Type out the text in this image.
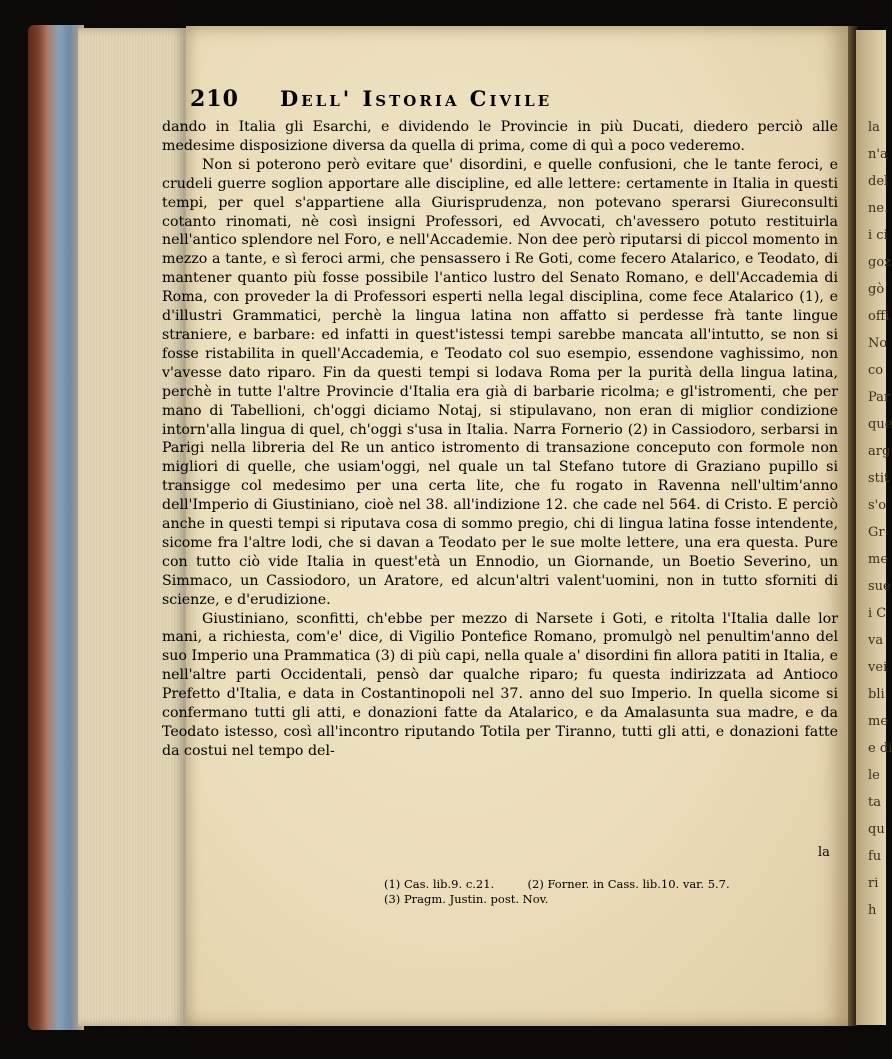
la
n'a
del
ne.
i ci
goz
gò
offi
No
co
Par
que
arg
stit
s'o
Gr
me
sue
i C
va
vei
bli
me
e di
le
ta
qu
fu
ri
h
210 Dell' Istoria Civile

dando in Italia gli Esarchi, e dividendo le Provincie in più Ducati, diedero perciò alle medesime disposizione diversa da quella di prima, come di quì a poco vederemo.

Non si poterono però evitare que' disordini, e quelle confusioni, che le tante feroci, e crudeli guerre soglion apportare alle discipline, ed alle lettere: certamente in Italia in questi tempi, per quel s'appartiene alla Giurisprudenza, non potevano sperarsi Giureconsulti cotanto rinomati, nè così insigni Professori, ed Avvocati, ch'avessero potuto restituirla nell'antico splendore nel Foro, e nell'Accademie. Non dee però riputarsi di piccol momento in mezzo a tante, e sì feroci armi, che pensassero i Re Goti, come fecero Atalarico, e Teodato, di mantener quanto più fosse possibile l'antico lustro del Senato Romano, e dell'Accademia di Roma, con proveder la di Professori esperti nella legal disciplina, come fece Atalarico (1), e d'illustri Grammatici, perchè la lingua latina non affatto si perdesse frà tante lingue straniere, e barbare: ed infatti in quest'istessi tempi sarebbe mancata all'intutto, se non si fosse ristabilita in quell'Accademia, e Teodato col suo esempio, essendone vaghissimo, non v'avesse dato riparo. Fin da questi tempi si lodava Roma per la purità della lingua latina, perchè in tutte l'altre Provincie d'Italia era già di barbarie ricolma; e gl'istromenti, che per mano di Tabellioni, ch'oggi diciamo Notaj, si stipulavano, non eran di miglior condizione intorn'alla lingua di quel, ch'oggi s'usa in Italia. Narra Fornerio (2) in Cassiodoro, serbarsi in Parigi nella libreria del Re un antico istromento di transazione conceputo con formole non migliori di quelle, che usiam'oggi, nel quale un tal Stefano tutore di Graziano pupillo si transigge col medesimo per una certa lite, che fu rogato in Ravenna nell'ultim'anno dell'Imperio di Giustiniano, cioè nel 38. all'indizione 12. che cade nel 564. di Cristo. E perciò anche in questi tempi si riputava cosa di sommo pregio, chi di lingua latina fosse intendente, sicome fra l'altre lodi, che si davan a Teodato per le sue molte lettere, una era questa. Pure con tutto ciò vide Italia in quest'età un Ennodio, un Giornande, un Boetio Severino, un Simmaco, un Cassiodoro, un Aratore, ed alcun'altri valent'uomini, non in tutto sforniti di scienze, e d'erudizione.

Giustiniano, sconfitti, ch'ebbe per mezzo di Narsete i Goti, e ritolta l'Italia dalle lor mani, a richiesta, com'e' dice, di Vigilio Pontefice Romano, promulgò nel penultim'anno del suo Imperio una Prammatica (3) di più capi, nella quale a' disordini fin allora patiti in Italia, e nell'altre parti Occidentali, pensò dar qualche riparo; fu questa indirizzata ad Antioco Prefetto d'Italia, e data in Costantinopoli nel 37. anno del suo Imperio. In quella sicome si confermano tutti gli atti, e donazioni fatte da Atalarico, e da Amalasunta sua madre, e da Teodato istesso, così all'incontro riputando Totila per Tiranno, tutti gli atti, e donazioni fatte da costui nel tempo del-

la
(1) Cas. lib.9. c.21.	(2) Forner. in Cass. lib.10. var. 5.7.
(3) Pragm. Justin. post. Nov.
